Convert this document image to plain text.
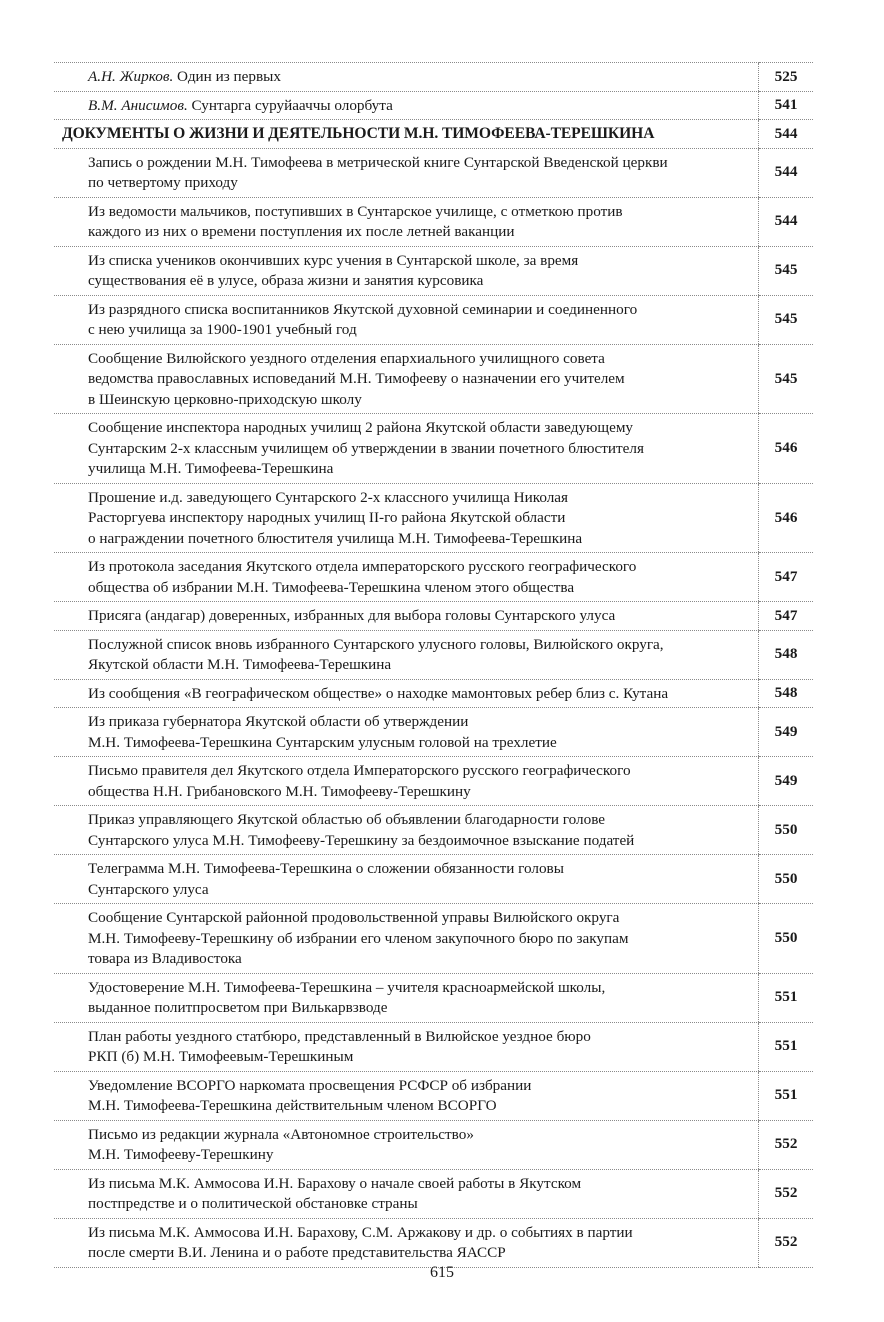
А.Н. Жирков. Один из первых	525

В.М. Анисимов. Сунтарга суруйааччы олорбута	541

ДОКУМЕНТЫ О ЖИЗНИ И ДЕЯТЕЛЬНОСТИ М.Н. ТИМОФЕЕВА-ТЕРЕШКИНА	544

Запись о рождении М.Н. Тимофеева в метрической книге Сунтарской Введенской церкви
по четвертому приходу	544

Из ведомости мальчиков, поступивших в Сунтарское училище, с отметкою против
каждого из них о времени поступления их после летней ваканции	544

Из списка учеников окончивших курс учения в Сунтарской школе, за время
существования её в улусе, образа жизни и занятия курсовика	545

Из разрядного списка воспитанников Якутской духовной семинарии и соединенного
с нею училища за 1900-1901 учебный год	545

Сообщение Вилюйского уездного отделения епархиального училищного совета
ведомства православных исповеданий М.Н. Тимофееву о назначении его учителем
в Шеинскую церковно-приходскую школу	545

Сообщение инспектора народных училищ 2 района Якутской области заведующему
Сунтарским 2-х классным училищем об утверждении в звании почетного блюстителя
училища М.Н. Тимофеева-Терешкина	546

Прошение и.д. заведующего Сунтарского 2-х классного училища Николая
Расторгуева инспектору народных училищ II-го района Якутской области
о награждении почетного блюстителя училища М.Н. Тимофеева-Терешкина	546

Из протокола заседания Якутского отдела императорского русского географического
общества об избрании М.Н. Тимофеева-Терешкина членом этого общества	547

Присяга (андагар) доверенных, избранных для выбора головы Сунтарского улуса	547

Послужной список вновь избранного Сунтарского улусного головы, Вилюйского округа,
Якутской области М.Н. Тимофеева-Терешкина	548

Из сообщения «В географическом обществе» о находке мамонтовых ребер близ с. Кутана	548

Из приказа губернатора Якутской области об утверждении
М.Н. Тимофеева-Терешкина Сунтарским улусным головой на трехлетие	549

Письмо правителя дел Якутского отдела Императорского русского географического
общества Н.Н. Грибановского М.Н. Тимофееву-Терешкину	549

Приказ управляющего Якутской областью об объявлении благодарности голове
Сунтарского улуса М.Н. Тимофееву-Терешкину за бездоимочное взыскание податей	550

Телеграмма М.Н. Тимофеева-Терешкина о сложении обязанности головы
Сунтарского улуса	550

Сообщение Сунтарской районной продовольственной управы Вилюйского округа
М.Н. Тимофееву-Терешкину об избрании его членом закупочного бюро по закупам
товара из Владивостока	550

Удостоверение М.Н. Тимофеева-Терешкина – учителя красноармейской школы,
выданное политпросветом при Вилькарвзводе	551

План работы уездного статбюро, представленный в Вилюйское уездное бюро
РКП (б) М.Н. Тимофеевым-Терешкиным	551

Уведомление ВСОРГО наркомата просвещения РСФСР об избрании
М.Н. Тимофеева-Терешкина действительным членом ВСОРГО	551

Письмо из редакции журнала «Автономное строительство»
М.Н. Тимофееву-Терешкину	552

Из письма М.К. Аммосова И.Н. Барахову о начале своей работы в Якутском
постпредстве и о политической обстановке страны	552

Из письма М.К. Аммосова И.Н. Барахову, С.М. Аржакову и др. о событиях в партии
после смерти В.И. Ленина и о работе представительства ЯАССР	552
615
